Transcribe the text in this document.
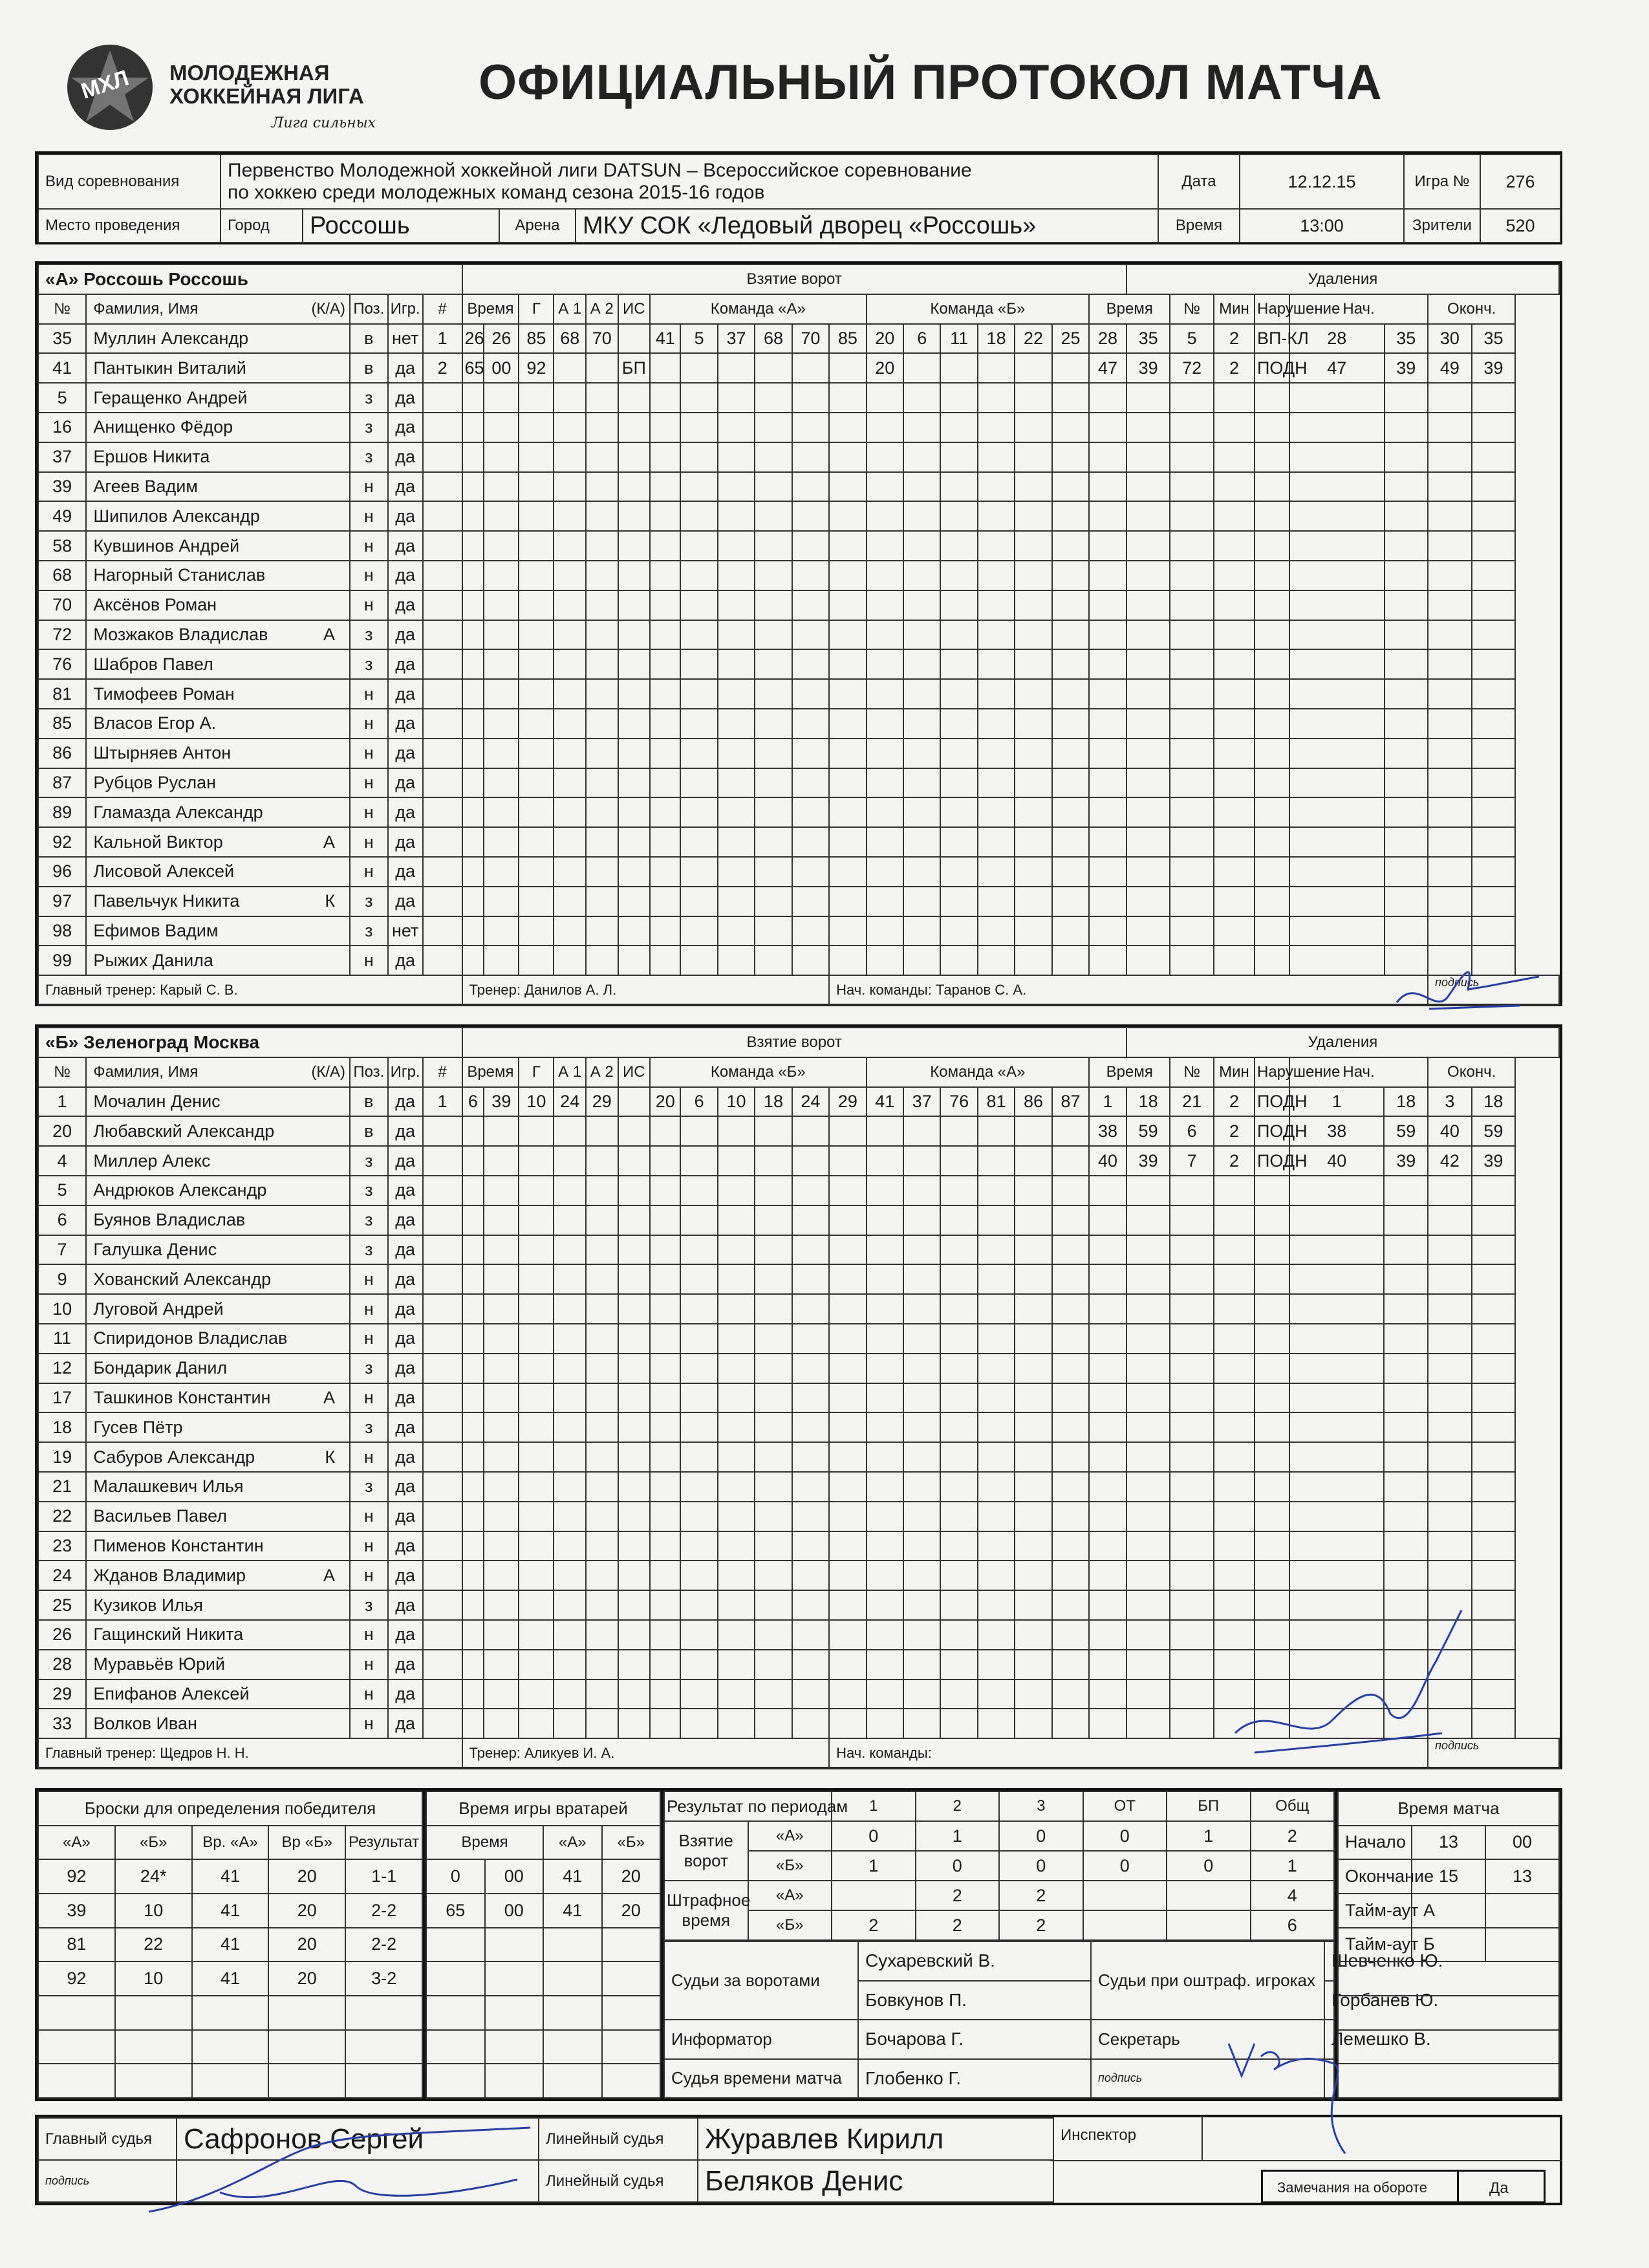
МХЛ МОЛОДЕЖНАЯ
ХОККЕЙНАЯ ЛИГА
Лига сильных
ОФИЦИАЛЬНЫЙ ПРОТОКОЛ МАТЧА
Вид соревнования	Первенство Молодежной хоккейной лиги DATSUN – Всероссийское соревнование
по хоккею среди молодежных команд сезона 2015-16 годов	Дата	12.12.15	Игра №	276
Место проведения		Город	Россошь	Арена	МКУ СОК «Ледовый дворец «Россошь»
		Время	13:00	Зрители	520
«А» Россошь Россошь					Взятие ворот																			Удаления							
№	Фамилия, Имя (К/А)	Поз.	Игр.	#	Время		Г	А 1	А 2	ИС	Команда «А»						Команда «Б»						Время		№	Мин	Нарушение	Нач.		Оконч.	
35	Муллин Александр	в	нет	1	26	26	85	68	70		41	5	37	68	70	85	20	6	11	18	22	25	28	35	5	2	ВП-КЛ	28	35	30	35
41	Пантыкин Виталий	в	да	2	65	00	92			БП							20						47	39	72	2	ПОДН	47	39	49	39
5	Геращенко Андрей	з	да																												
16	Анищенко Фёдор	з	да																												
37	Ершов Никита	з	да																												
39	Агеев Вадим	н	да																												
49	Шипилов Александр	н	да																												
58	Кувшинов Андрей	н	да																												
68	Нагорный Станислав	н	да																												
70	Аксёнов Роман	н	да																												
72	Мозжаков Владислав А	з	да																												
76	Шабров Павел	з	да																												
81	Тимофеев Роман	н	да																												
85	Власов Егор А.	н	да																												
86	Штырняев Антон	н	да																												
87	Рубцов Руслан	н	да																												
89	Гламазда Александр	н	да																												
92	Кальной Виктор А	н	да																												
96	Лисовой Алексей	н	да																												
97	Павельчук Никита К	з	да																												
98	Ефимов Вадим	з	нет																												
99	Рыжих Данила	н	да																												
Главный тренер: Карый С. В.					Тренер: Данилов А. Л.											Нач. команды: Таранов С. А.														подпись	
«Б» Зеленоград Москва					Взятие ворот																			Удаления							
№	Фамилия, Имя (К/А)	Поз.	Игр.	#	Время		Г	А 1	А 2	ИС	Команда «Б»						Команда «А»						Время		№	Мин	Нарушение	Нач.		Оконч.	
1	Мочалин Денис	в	да	1	6	39	10	24	29		20	6	10	18	24	29	41	37	76	81	86	87	1	18	21	2	ПОДН	1	18	3	18
20	Любавский Александр	в	да																				38	59	6	2	ПОДН	38	59	40	59
4	Миллер Алекс	з	да																				40	39	7	2	ПОДН	40	39	42	39
5	Андрюков Александр	з	да																												
6	Буянов Владислав	з	да																												
7	Галушка Денис	з	да																												
9	Хованский Александр	н	да																												
10	Луговой Андрей	н	да																												
11	Спиридонов Владислав	н	да																												
12	Бондарик Данил	з	да																												
17	Ташкинов Константин А	н	да																												
18	Гусев Пётр	з	да																												
19	Сабуров Александр К	н	да																												
21	Малашкевич Илья	з	да																												
22	Васильев Павел	н	да																												
23	Пименов Константин	н	да																												
24	Жданов Владимир А	н	да																												
25	Кузиков Илья	з	да																												
26	Гащинский Никита	н	да																												
28	Муравьёв Юрий	н	да																												
29	Епифанов Алексей	н	да																												
33	Волков Иван	н	да																												
Главный тренер: Щедров Н. Н.					Тренер: Аликуев И. А.											Нач. команды:														подпись	
Броски для определения победителя				
«А»	«Б»	Вр. «А»	Вр «Б»	Результат
92	24*	41	20	1-1
39	10	41	20	2-2
81	22	41	20	2-2
92	10	41	20	3-2

Время игры вратарей			
Время		«А»	«Б»
0	00	41	20
65	00	41	20

Результат по периодам		1	2	3	ОТ	БП	Общ
Взятие ворот	«А»	0	1	0	0	1	2
	«Б»	1	0	0	0	0	1
Штрафное время	«А»		2	2			4
	«Б»	2	2	2			6
Судьи за воротами	Сухаревский В.	Судьи при оштраф. игроках	Шевченко Ю.
	Бовкунов П.		Горбанев Ю.
Информатор	Бочарова Г.	Секретарь	Лемешко В.
Судья времени матча	Глобенко Г.	подпись	
Время матча		
Начало	13	00
Окончание	15	13
Тайм-аут А		
Тайм-аут Б		

Главный судья	Сафронов Сергей	Линейный судья	Журавлев Кирилл
подпись		Линейный судья	Беляков Денис
Инспектор
Замечания на обороте	Да
